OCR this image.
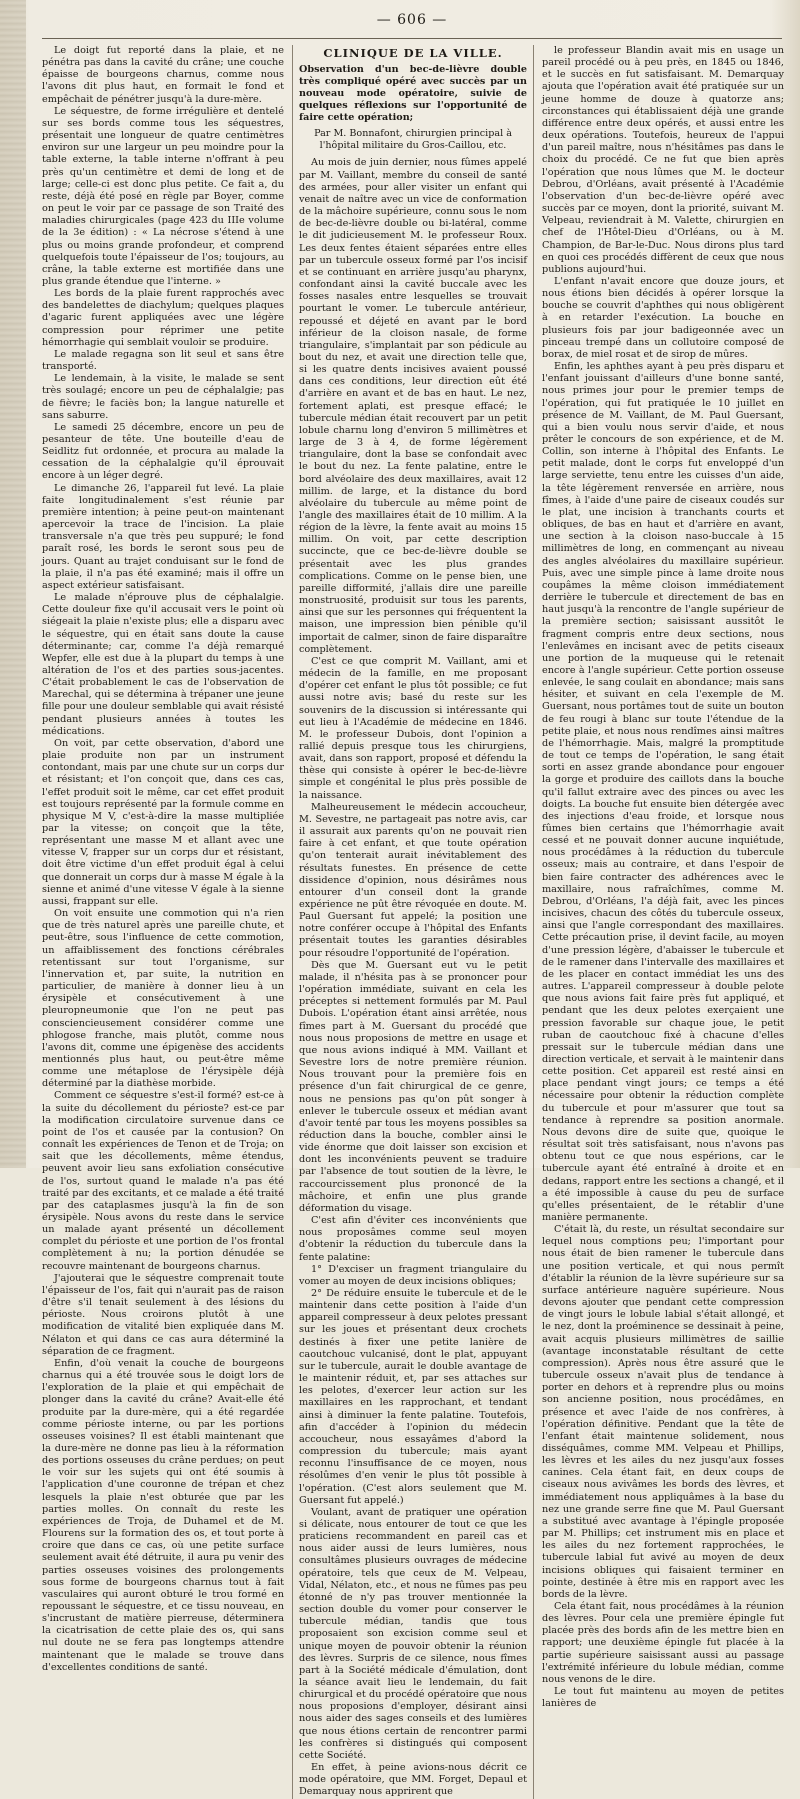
— 606 —

Le doigt fut reporté dans la plaie, et ne pénétra pas dans la cavité du crâne; une couche épaisse de bourgeons charnus, comme nous l'avons dit plus haut, en formait le fond et empêchait de pénétrer jusqu'à la dure-mère.

Le séquestre, de forme irrégulière et dentelé sur ses bords comme tous les séquestres, présentait une longueur de quatre centimètres environ sur une largeur un peu moindre pour la table externe, la table interne n'offrant à peu près qu'un centimètre et demi de long et de large; celle-ci est donc plus petite. Ce fait a, du reste, déjà été posé en règle par Boyer, comme on peut le voir par ce passage de son Traité des maladies chirurgicales (page 423 du IIIe volume de la 3e édition) : « La nécrose s'étend à une plus ou moins grande profondeur, et comprend quelquefois toute l'épaisseur de l'os; toujours, au crâne, la table externe est mortifiée dans une plus grande étendue que l'interne. »

Les bords de la plaie furent rapprochés avec des bandelettes de diachylum; quelques plaques d'agaric furent appliquées avec une légère compression pour réprimer une petite hémorrhagie qui semblait vouloir se produire.

Le malade regagna son lit seul et sans être transporté.

Le lendemain, à la visite, le malade se sent très soulagé; encore un peu de céphalalgie; pas de fièvre; le faciès bon; la langue naturelle et sans saburre.

Le samedi 25 décembre, encore un peu de pesanteur de tête. Une bouteille d'eau de Seidlitz fut ordonnée, et procura au malade la cessation de la céphalalgie qu'il éprouvait encore à un léger degré.

Le dimanche 26, l'appareil fut levé. La plaie faite longitudinalement s'est réunie par première intention; à peine peut-on maintenant apercevoir la trace de l'incision. La plaie transversale n'a que très peu suppuré; le fond paraît rosé, les bords le seront sous peu de jours. Quant au trajet conduisant sur le fond de la plaie, il n'a pas été examiné; mais il offre un aspect extérieur satisfaisant.

Le malade n'éprouve plus de céphalalgie. Cette douleur fixe qu'il accusait vers le point où siégeait la plaie n'existe plus; elle a disparu avec le séquestre, qui en était sans doute la cause déterminante; car, comme l'a déjà remarqué Wepfer, elle est due à la plupart du temps à une altération de l'os et des parties sous-jacentes. C'était probablement le cas de l'observation de Marechal, qui se détermina à trépaner une jeune fille pour une douleur semblable qui avait résisté pendant plusieurs années à toutes les médications.

On voit, par cette observation, d'abord une plaie produite non par un instrument contondant, mais par une chute sur un corps dur et résistant; et l'on conçoit que, dans ces cas, l'effet produit soit le même, car cet effet produit est toujours représenté par la formule comme en physique M V, c'est-à-dire la masse multipliée par la vitesse; on conçoit que la tête, représentant une masse M et allant avec une vitesse V, frapper sur un corps dur et résistant, doit être victime d'un effet produit égal à celui que donnerait un corps dur à masse M égale à la sienne et animé d'une vitesse V égale à la sienne aussi, frappant sur elle.

On voit ensuite une commotion qui n'a rien que de très naturel après une pareille chute, et peut-être, sous l'influence de cette commotion, un affaiblissement des fonctions cérébrales retentissant sur tout l'organisme, sur l'innervation et, par suite, la nutrition en particulier, de manière à donner lieu à un érysipèle et consécutivement à une pleuropneumonie que l'on ne peut pas consciencieusement considérer comme une phlogose franche, mais plutôt, comme nous l'avons dit, comme une épigenèse des accidents mentionnés plus haut, ou peut-être même comme une métaplose de l'érysipèle déjà déterminé par la diathèse morbide.

Comment ce séquestre s'est-il formé? est-ce à la suite du décollement du périoste? est-ce par la modification circulatoire survenue dans ce point de l'os et causée par la contusion? On connaît les expériences de Tenon et de Troja; on sait que les décollements, même étendus, peuvent avoir lieu sans exfoliation consécutive de l'os, surtout quand le malade n'a pas été traité par des excitants, et ce malade a été traité par des cataplasmes jusqu'à la fin de son érysipèle. Nous avons du reste dans le service un malade ayant présenté un décollement complet du périoste et une portion de l'os frontal complètement à nu; la portion dénudée se recouvre maintenant de bourgeons charnus.

J'ajouterai que le séquestre comprenait toute l'épaisseur de l'os, fait qui n'aurait pas de raison d'être s'il tenait seulement à des lésions du périoste. Nous croirons plutôt à une modification de vitalité bien expliquée dans M. Nélaton et qui dans ce cas aura déterminé la séparation de ce fragment.

Enfin, d'où venait la couche de bourgeons charnus qui a été trouvée sous le doigt lors de l'exploration de la plaie et qui empêchait de plonger dans la cavité du crâne? Avait-elle été produite par la dure-mère, qui a été regardée comme périoste interne, ou par les portions osseuses voisines? Il est établi maintenant que la dure-mère ne donne pas lieu à la réformation des portions osseuses du crâne perdues; on peut le voir sur les sujets qui ont été soumis à l'application d'une couronne de trépan et chez lesquels la plaie n'est obturée que par les parties molles. On connaît du reste les expériences de Troja, de Duhamel et de M. Flourens sur la formation des os, et tout porte à croire que dans ce cas, où une petite surface seulement avait été détruite, il aura pu venir des parties osseuses voisines des prolongements sous forme de bourgeons charnus tout à fait vasculaires qui auront obturé le trou formé en repoussant le séquestre, et ce tissu nouveau, en s'incrustant de matière pierreuse, déterminera la cicatrisation de cette plaie des os, qui sans nul doute ne se fera pas longtemps attendre maintenant que le malade se trouve dans d'excellentes conditions de santé.

CLINIQUE DE LA VILLE.
Observation d'un bec-de-lièvre double très compliqué opéré avec succès par un nouveau mode opératoire, suivie de quelques réflexions sur l'opportunité de faire cette opération;
Par M. Bonnafont, chirurgien principal à l'hôpital militaire du Gros-Caillou, etc.

Au mois de juin dernier, nous fûmes appelé par M. Vaillant, membre du conseil de santé des armées, pour aller visiter un enfant qui venait de naître avec un vice de conformation de la mâchoire supérieure, connu sous le nom de bec-de-lièvre double ou bi-latéral, comme le dit judicieusement M. le professeur Roux. Les deux fentes étaient séparées entre elles par un tubercule osseux formé par l'os incisif et se continuant en arrière jusqu'au pharynx, confondant ainsi la cavité buccale avec les fosses nasales entre lesquelles se trouvait pourtant le vomer. Le tubercule antérieur, repoussé et déjeté en avant par le bord inférieur de la cloison nasale, de forme triangulaire, s'implantait par son pédicule au bout du nez, et avait une direction telle que, si les quatre dents incisives avaient poussé dans ces conditions, leur direction eût été d'arrière en avant et de bas en haut. Le nez, fortement aplati, est presque effacé; le tubercule médian était recouvert par un petit lobule charnu long d'environ 5 millimètres et large de 3 à 4, de forme légèrement triangulaire, dont la base se confondait avec le bout du nez. La fente palatine, entre le bord alvéolaire des deux maxillaires, avait 12 millim. de large, et la distance du bord alvéolaire du tubercule au même point de l'angle des maxillaires était de 10 millim. A la région de la lèvre, la fente avait au moins 15 millim. On voit, par cette description succincte, que ce bec-de-lièvre double se présentait avec les plus grandes complications. Comme on le pense bien, une pareille difformité, j'allais dire une pareille monstruosité, produisit sur tous les parents, ainsi que sur les personnes qui fréquentent la maison, une impression bien pénible qu'il importait de calmer, sinon de faire disparaître complètement.

C'est ce que comprit M. Vaillant, ami et médecin de la famille, en me proposant d'opérer cet enfant le plus tôt possible; ce fut aussi notre avis; basé du reste sur les souvenirs de la discussion si intéressante qui eut lieu à l'Académie de médecine en 1846. M. le professeur Dubois, dont l'opinion a rallié depuis presque tous les chirurgiens, avait, dans son rapport, proposé et défendu la thèse qui consiste à opérer le bec-de-lièvre simple et congénital le plus près possible de la naissance.

Malheureusement le médecin accoucheur, M. Sevestre, ne partageait pas notre avis, car il assurait aux parents qu'on ne pouvait rien faire à cet enfant, et que toute opération qu'on tenterait aurait inévitablement des résultats funestes. En présence de cette dissidence d'opinion, nous désirâmes nous entourer d'un conseil dont la grande expérience ne pût être révoquée en doute. M. Paul Guersant fut appelé; la position une notre conférer occupe à l'hôpital des Enfants présentait toutes les garanties désirables pour résoudre l'opportunité de l'opération.

Dès que M. Guersant eut vu le petit malade, il n'hésita pas à se prononcer pour l'opération immédiate, suivant en cela les préceptes si nettement formulés par M. Paul Dubois. L'opération étant ainsi arrêtée, nous fîmes part à M. Guersant du procédé que nous nous proposions de mettre en usage et que nous avions indiqué à MM. Vaillant et Sevestre lors de notre première réunion. Nous trouvant pour la première fois en présence d'un fait chirurgical de ce genre, nous ne pensions pas qu'on pût songer à enlever le tubercule osseux et médian avant d'avoir tenté par tous les moyens possibles sa réduction dans la bouche, combler ainsi le vide énorme que doit laisser son excision et dont les inconvénients peuvent se traduire par l'absence de tout soutien de la lèvre, le raccourcissement plus prononcé de la mâchoire, et enfin une plus grande déformation du visage.

C'est afin d'éviter ces inconvénients que nous proposâmes comme seul moyen d'obtenir la réduction du tubercule dans la fente palatine:

1° D'exciser un fragment triangulaire du vomer au moyen de deux incisions obliques;

2° De réduire ensuite le tubercule et de le maintenir dans cette position à l'aide d'un appareil compresseur à deux pelotes pressant sur les joues et présentant deux crochets destinés à fixer une petite lanière de caoutchouc vulcanisé, dont le plat, appuyant sur le tubercule, aurait le double avantage de le maintenir réduit, et, par ses attaches sur les pelotes, d'exercer leur action sur les maxillaires en les rapprochant, et tendant ainsi à diminuer la fente palatine. Toutefois, afin d'accéder à l'opinion du médecin accoucheur, nous essayâmes d'abord la compression du tubercule; mais ayant reconnu l'insuffisance de ce moyen, nous résolûmes d'en venir le plus tôt possible à l'opération. (C'est alors seulement que M. Guersant fut appelé.)

Voulant, avant de pratiquer une opération si délicate, nous entourer de tout ce que les praticiens recommandent en pareil cas et nous aider aussi de leurs lumières, nous consultâmes plusieurs ouvrages de médecine opératoire, tels que ceux de M. Velpeau, Vidal, Nélaton, etc., et nous ne fûmes pas peu étonné de n'y pas trouver mentionnée la section double du vomer pour conserver le tubercule médian, tandis que tous proposaient son excision comme seul et unique moyen de pouvoir obtenir la réunion des lèvres. Surpris de ce silence, nous fîmes part à la Société médicale d'émulation, dont la séance avait lieu le lendemain, du fait chirurgical et du procédé opératoire que nous nous proposions d'employer, désirant ainsi nous aider des sages conseils et des lumières que nous étions certain de rencontrer parmi les confrères si distingués qui composent cette Société.

En effet, à peine avions-nous décrit ce mode opératoire, que MM. Forget, Depaul et Demarquay nous apprirent que

le professeur Blandin avait mis en usage un pareil procédé ou à peu près, en 1845 ou 1846, et le succès en fut satisfaisant. M. Demarquay ajouta que l'opération avait été pratiquée sur un jeune homme de douze à quatorze ans; circonstances qui établissaient déjà une grande différence entre deux opérés, et aussi entre les deux opérations. Toutefois, heureux de l'appui d'un pareil maître, nous n'hésitâmes pas dans le choix du procédé. Ce ne fut que bien après l'opération que nous lûmes que M. le docteur Debrou, d'Orléans, avait présenté à l'Académie l'observation d'un bec-de-lièvre opéré avec succès par ce moyen, dont la priorité, suivant M. Velpeau, reviendrait à M. Valette, chirurgien en chef de l'Hôtel-Dieu d'Orléans, ou à M. Champion, de Bar-le-Duc. Nous dirons plus tard en quoi ces procédés diffèrent de ceux que nous publions aujourd'hui.

L'enfant n'avait encore que douze jours, et nous étions bien décidés à opérer lorsque la bouche se couvrit d'aphthes qui nous obligèrent à en retarder l'exécution. La bouche en plusieurs fois par jour badigeonnée avec un pinceau trempé dans un collutoire composé de borax, de miel rosat et de sirop de mûres.

Enfin, les aphthes ayant à peu près disparu et l'enfant jouissant d'ailleurs d'une bonne santé, nous primes jour pour le premier temps de l'opération, qui fut pratiquée le 10 juillet en présence de M. Vaillant, de M. Paul Guersant, qui a bien voulu nous servir d'aide, et nous prêter le concours de son expérience, et de M. Collin, son interne à l'hôpital des Enfants. Le petit malade, dont le corps fut enveloppé d'un large serviette, tenu entre les cuisses d'un aide, la tête légèrement renversée en arrière, nous fîmes, à l'aide d'une paire de ciseaux coudés sur le plat, une incision à tranchants courts et obliques, de bas en haut et d'arrière en avant, une section à la cloison naso-buccale à 15 millimètres de long, en commençant au niveau des angles alvéolaires du maxillaire supérieur. Puis, avec une simple pince à lame droite nous coupâmes la même cloison immédiatement derrière le tubercule et directement de bas en haut jusqu'à la rencontre de l'angle supérieur de la première section; saisissant aussitôt le fragment compris entre deux sections, nous l'enlevâmes en incisant avec de petits ciseaux une portion de la muqueuse qui le retenait encore à l'angle supérieur. Cette portion osseuse enlevée, le sang coulait en abondance; mais sans hésiter, et suivant en cela l'exemple de M. Guersant, nous portâmes tout de suite un bouton de feu rougi à blanc sur toute l'étendue de la petite plaie, et nous nous rendîmes ainsi maîtres de l'hémorrhagie. Mais, malgré la promptitude de tout ce temps de l'opération, le sang était sorti en assez grande abondance pour engouer la gorge et produire des caillots dans la bouche qu'il fallut extraire avec des pinces ou avec les doigts. La bouche fut ensuite bien détergée avec des injections d'eau froide, et lorsque nous fûmes bien certains que l'hémorrhagie avait cessé et ne pouvait donner aucune inquiétude, nous procédâmes à la réduction du tubercule osseux; mais au contraire, et dans l'espoir de bien faire contracter des adhérences avec le maxillaire, nous rafraîchîmes, comme M. Debrou, d'Orléans, l'a déjà fait, avec les pinces incisives, chacun des côtés du tubercule osseux, ainsi que l'angle correspondant des maxillaires. Cette précaution prise, il devint facile, au moyen d'une pression légère, d'abaisser le tubercule et de le ramener dans l'intervalle des maxillaires et de les placer en contact immédiat les uns des autres. L'appareil compresseur à double pelote que nous avions fait faire près fut appliqué, et pendant que les deux pelotes exerçaient une pression favorable sur chaque joue, le petit ruban de caoutchouc fixé à chacune d'elles pressait sur le tubercule médian dans une direction verticale, et servait à le maintenir dans cette position. Cet appareil est resté ainsi en place pendant vingt jours; ce temps a été nécessaire pour obtenir la réduction complète du tubercule et pour m'assurer que tout sa tendance à reprendre sa position anormale. Nous devons dire de suite que, quoique le résultat soit très satisfaisant, nous n'avons pas obtenu tout ce que nous espérions, car le tubercule ayant été entraîné à droite et en dedans, rapport entre les sections a changé, et il a été impossible à cause du peu de surface qu'elles présentaient, de le rétablir d'une manière permanente.

C'était là, du reste, un résultat secondaire sur lequel nous comptions peu; l'important pour nous était de bien ramener le tubercule dans une position verticale, et qui nous permît d'établir la réunion de la lèvre supérieure sur sa surface antérieure naguère supérieure. Nous devons ajouter que pendant cette compression de vingt jours le lobule labial s'était allongé, et le nez, dont la proéminence se dessinait à peine, avait acquis plusieurs millimètres de saillie (avantage inconstatable résultant de cette compression). Après nous être assuré que le tubercule osseux n'avait plus de tendance à porter en dehors et à reprendre plus ou moins son ancienne position, nous procédâmes, en présence et avec l'aide de nos confrères, à l'opération définitive. Pendant que la tête de l'enfant était maintenue solidement, nous disséquâmes, comme MM. Velpeau et Phillips, les lèvres et les ailes du nez jusqu'aux fosses canines. Cela étant fait, en deux coups de ciseaux nous avivâmes les bords des lèvres, et immédiatement nous appliquâmes à la base du nez une grande serre fine que M. Paul Guersant a substitué avec avantage à l'épingle proposée par M. Phillips; cet instrument mis en place et les ailes du nez fortement rapprochées, le tubercule labial fut avivé au moyen de deux incisions obliques qui faisaient terminer en pointe, destinée à être mis en rapport avec les bords de la lèvre.

Cela étant fait, nous procédâmes à la réunion des lèvres. Pour cela une première épingle fut placée près des bords afin de les mettre bien en rapport; une deuxième épingle fut placée à la partie supérieure saisissant aussi au passage l'extrémité inférieure du lobule médian, comme nous venons de le dire.

Le tout fut maintenu au moyen de petites lanières de
